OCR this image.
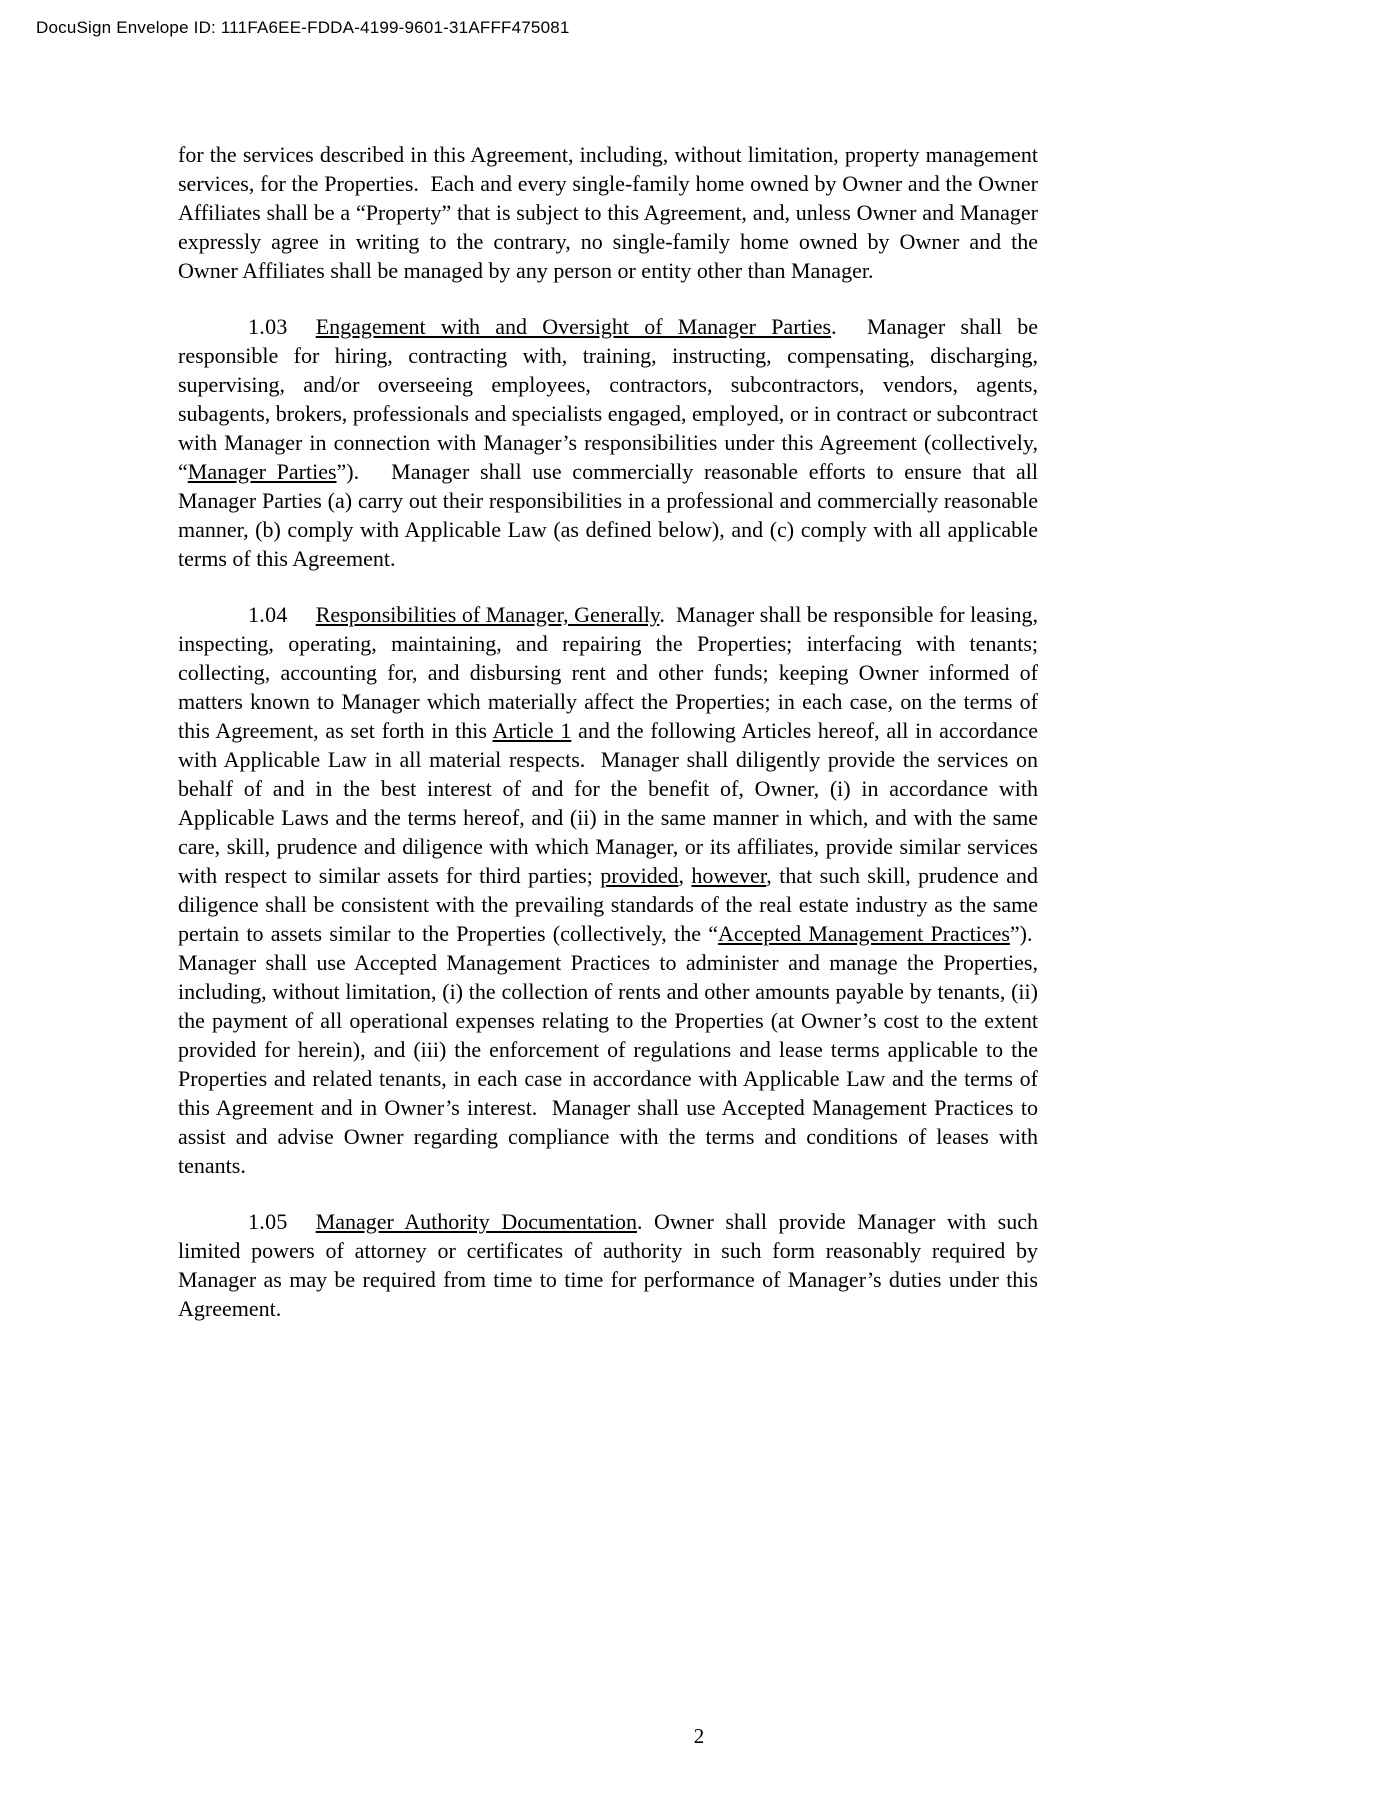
DocuSign Envelope ID: 111FA6EE-FDDA-4199-9601-31AFFF475081

for the services described in this Agreement, including, without limitation, property management services, for the Properties.  Each and every single-family home owned by Owner and the Owner Affiliates shall be a “Property” that is subject to this Agreement, and, unless Owner and Manager expressly agree in writing to the contrary, no single-family home owned by Owner and the Owner Affiliates shall be managed by any person or entity other than Manager.

1.03 Engagement with and Oversight of Manager Parties.  Manager shall be responsible for hiring, contracting with, training, instructing, compensating, discharging, supervising, and/or overseeing employees, contractors, subcontractors, vendors, agents, subagents, brokers, professionals and specialists engaged, employed, or in contract or subcontract with Manager in connection with Manager’s responsibilities under this Agreement (collectively, “Manager Parties”).   Manager shall use commercially reasonable efforts to ensure that all Manager Parties (a) carry out their responsibilities in a professional and commercially reasonable manner, (b) comply with Applicable Law (as defined below), and (c) comply with all applicable terms of this Agreement.

1.04 Responsibilities of Manager, Generally.  Manager shall be responsible for leasing, inspecting, operating, maintaining, and repairing the Properties; interfacing with tenants; collecting, accounting for, and disbursing rent and other funds; keeping Owner informed of matters known to Manager which materially affect the Properties; in each case, on the terms of this Agreement, as set forth in this Article 1 and the following Articles hereof, all in accordance with Applicable Law in all material respects.  Manager shall diligently provide the services on behalf of and in the best interest of and for the benefit of, Owner, (i) in accordance with Applicable Laws and the terms hereof, and (ii) in the same manner in which, and with the same care, skill, prudence and diligence with which Manager, or its affiliates, provide similar services with respect to similar assets for third parties; provided, however, that such skill, prudence and diligence shall be consistent with the prevailing standards of the real estate industry as the same pertain to assets similar to the Properties (collectively, the “Accepted Management Practices”).  Manager shall use Accepted Management Practices to administer and manage the Properties, including, without limitation, (i) the collection of rents and other amounts payable by tenants, (ii) the payment of all operational expenses relating to the Properties (at Owner’s cost to the extent provided for herein), and (iii) the enforcement of regulations and lease terms applicable to the Properties and related tenants, in each case in accordance with Applicable Law and the terms of this Agreement and in Owner’s interest.  Manager shall use Accepted Management Practices to assist and advise Owner regarding compliance with the terms and conditions of leases with tenants.

1.05 Manager Authority Documentation. Owner shall provide Manager with such limited powers of attorney or certificates of authority in such form reasonably required by Manager as may be required from time to time for performance of Manager’s duties under this Agreement.

2
